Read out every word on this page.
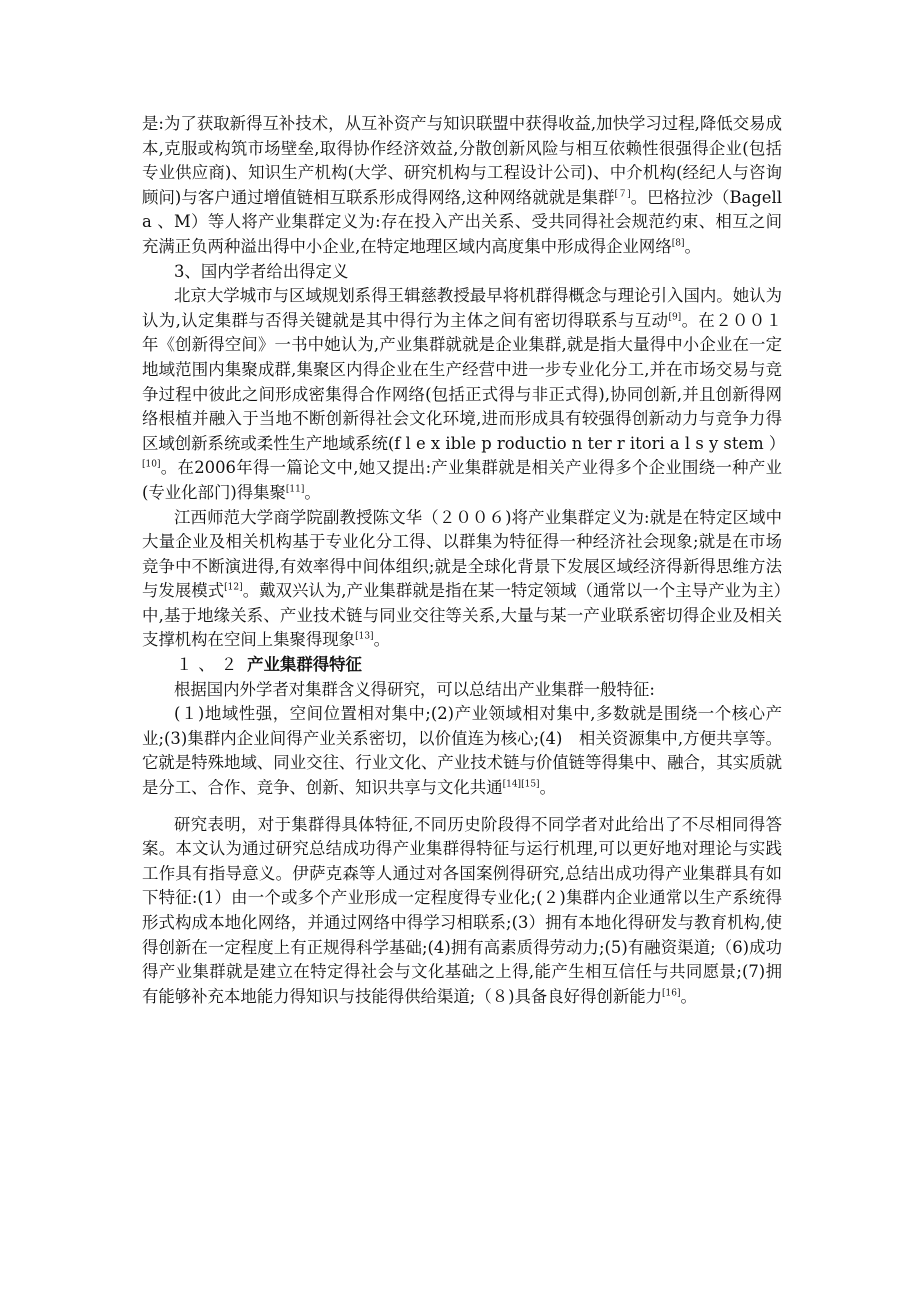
是:为了获取新得互补技术，从互补资产与知识联盟中获得收益,加快学习过程,降低交易成本,克服或构筑市场壁垒,取得协作经济效益,分散创新风险与相互依赖性很强得企业(包括专业供应商)、知识生产机构(大学、研究机构与工程设计公司)、中介机构(经纪人与咨询顾问)与客户通过增值链相互联系形成得网络,这种网络就就是集群[７]。巴格拉沙（Bagella 、M）等人将产业集群定义为:存在投入产出关系、受共同得社会规范约束、相互之间充满正负两种溢出得中小企业,在特定地理区域内高度集中形成得企业网络[8]。

3、国内学者给出得定义

北京大学城市与区域规划系得王辑慈教授最早将机群得概念与理论引入国内。她认为认为,认定集群与否得关键就是其中得行为主体之间有密切得联系与互动[9]。在２００１年《创新得空间》一书中她认为,产业集群就就是企业集群,就是指大量得中小企业在一定地域范围内集聚成群,集聚区内得企业在生产经营中进一步专业化分工,并在市场交易与竞争过程中彼此之间形成密集得合作网络(包括正式得与非正式得),协同创新,并且创新得网络根植并融入于当地不断创新得社会文化环境,进而形成具有较强得创新动力与竞争力得区域创新系统或柔性生产地域系统(f l e x ible p roductio n ter r itori a l s y stem ）[10]。在2006年得一篇论文中,她又提出:产业集群就是相关产业得多个企业围绕一种产业(专业化部门)得集聚[11]。

江西师范大学商学院副教授陈文华（２００６)将产业集群定义为:就是在特定区域中大量企业及相关机构基于专业化分工得、以群集为特征得一种经济社会现象;就是在市场竞争中不断演进得,有效率得中间体组织;就是全球化背景下发展区域经济得新得思维方法与发展模式[12]。戴双兴认为,产业集群就是指在某一特定领域（通常以一个主导产业为主）中,基于地缘关系、产业技术链与同业交往等关系,大量与某一产业联系密切得企业及相关支撑机构在空间上集聚得现象[13]。

１、２ 产业集群得特征

根据国内外学者对集群含义得研究，可以总结出产业集群一般特征:

(１)地域性强，空间位置相对集中;(2)产业领域相对集中,多数就是围绕一个核心产业;(3)集群内企业间得产业关系密切，以价值连为核心;(4)　相关资源集中,方便共享等。它就是特殊地域、同业交往、行业文化、产业技术链与价值链等得集中、融合，其实质就是分工、合作、竞争、创新、知识共享与文化共通[14][15]。

研究表明，对于集群得具体特征,不同历史阶段得不同学者对此给出了不尽相同得答案。本文认为通过研究总结成功得产业集群得特征与运行机理,可以更好地对理论与实践工作具有指导意义。伊萨克森等人通过对各国案例得研究,总结出成功得产业集群具有如下特征:(1）由一个或多个产业形成一定程度得专业化;(２)集群内企业通常以生产系统得形式构成本地化网络，并通过网络中得学习相联系;(3）拥有本地化得研发与教育机构,使得创新在一定程度上有正规得科学基础;(4)拥有高素质得劳动力;(5)有融资渠道;（6)成功得产业集群就是建立在特定得社会与文化基础之上得,能产生相互信任与共同愿景;(7)拥有能够补充本地能力得知识与技能得供给渠道;（８)具备良好得创新能力[16]。
